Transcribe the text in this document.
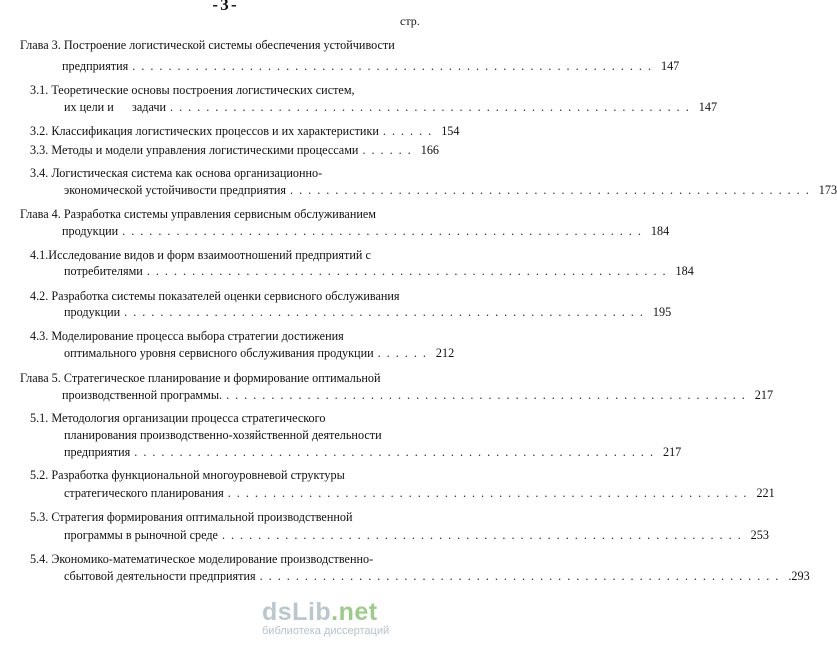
- 3 -
стр.
Глава 3. Построение логистической системы обеспечения устойчивости
предприятия .......................................................... 147
3.1. Теоретические основы построения логистических систем,
их цели и      задачи .......................................................... 147
3.2. Классификация логистических процессов и их характеристики ...... 154
3.3. Методы и модели управления логистическими процессами ...... 166
3.4. Логистическая система как основа организационно-
экономической устойчивости предприятия .......................................................... 173
Глава 4. Разработка системы управления сервисным обслуживанием
продукции .......................................................... 184
4.1.Исследование видов и форм взаимоотношений предприятий с
потребителями .......................................................... 184
4.2. Разработка системы показателей оценки сервисного обслуживания
продукции .......................................................... 195
4.3. Моделирование процесса выбора стратегии достижения
оптимального уровня сервисного обслуживания продукции ...... 212
Глава 5. Стратегическое планирование и формирование оптимальной
производственной программы. .......................................................... 217
5.1. Методология организации процесса стратегического
планирования производственно-хозяйственной деятельности
предприятия .......................................................... 217
5.2. Разработка функциональной многоуровневой структуры
стратегического планирования .......................................................... 221
5.3. Стратегия формирования оптимальной производственной
программы в рыночной среде .......................................................... 253
5.4. Экономико-математическое моделирование производственно-
сбытовой деятельности предприятия .......................................................... .293
dsLib.net
библиотека диссертаций
